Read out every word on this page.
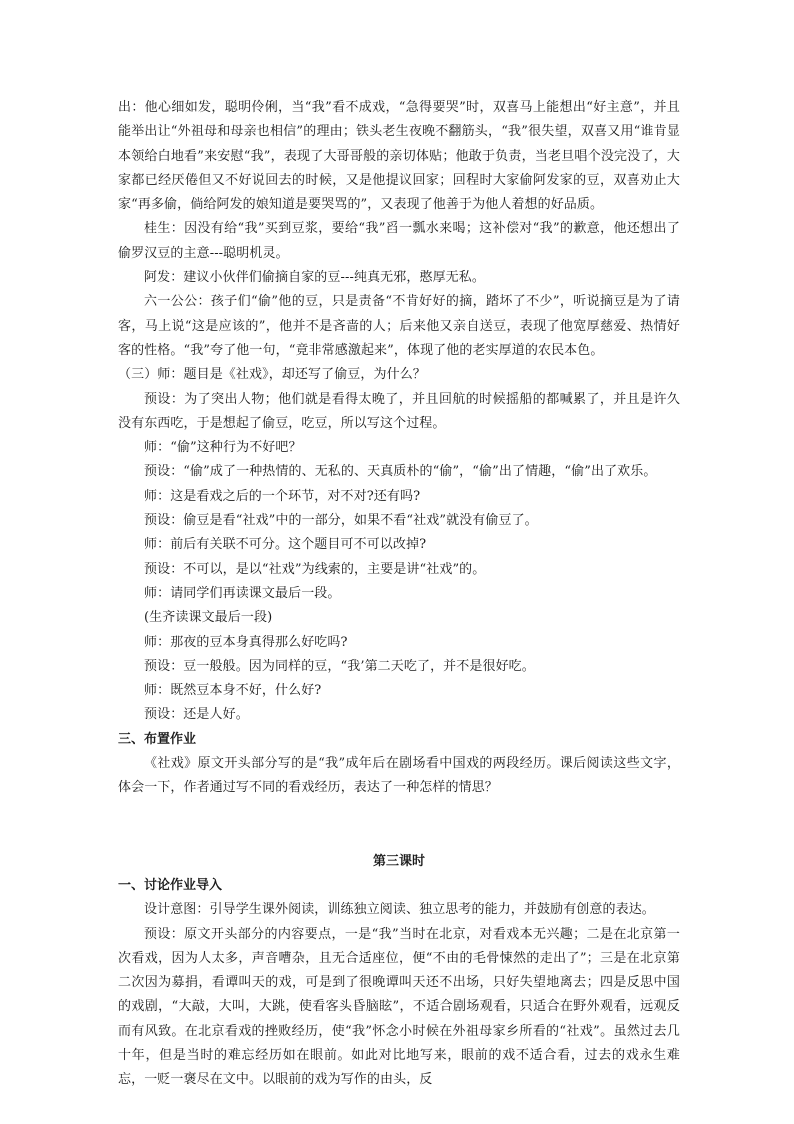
出：他心细如发，聪明伶俐，当“我”看不成戏，“急得要哭”时，双喜马上能想出“好主意”，并且能举出让“外祖母和母亲也相信”的理由；铁头老生夜晚不翻筋头，“我”很失望，双喜又用“谁肯显本领给白地看”来安慰“我”，表现了大哥哥般的亲切体贴；他敢于负责，当老旦唱个没完没了，大家都已经厌倦但又不好说回去的时候，又是他提议回家；回程时大家偷阿发家的豆，双喜劝止大家“再多偷，倘给阿发的娘知道是要哭骂的”，又表现了他善于为他人着想的好品质。

桂生：因没有给“我”买到豆浆，要给“我”舀一瓢水来喝；这补偿对“我”的歉意，他还想出了偷罗汉豆的主意---聪明机灵。

阿发：建议小伙伴们偷摘自家的豆---纯真无邪，憨厚无私。

六一公公：孩子们“偷”他的豆，只是责备“不肯好好的摘，踏坏了不少”，听说摘豆是为了请客，马上说“这是应该的”，他并不是吝啬的人；后来他又亲自送豆，表现了他宽厚慈爱、热情好客的性格。“我”夸了他一句，“竟非常感激起来”，体现了他的老实厚道的农民本色。

（三）师：题目是《社戏》，却还写了偷豆，为什么？

预设：为了突出人物；他们就是看得太晚了，并且回航的时候摇船的都喊累了，并且是许久没有东西吃，于是想起了偷豆，吃豆，所以写这个过程。

师：“偷”这种行为不好吧？

预设：“偷”成了一种热情的、无私的、天真质朴的“偷”，“偷”出了情趣，“偷”出了欢乐。

师：这是看戏之后的一个环节，对不对?还有吗?

预设：偷豆是看“社戏”中的一部分，如果不看“社戏”就没有偷豆了。

师：前后有关联不可分。这个题目可不可以改掉?

预设：不可以，是以“社戏”为线索的，主要是讲“社戏”的。

师：请同学们再读课文最后一段。

(生齐读课文最后一段)

师：那夜的豆本身真得那么好吃吗?

预设：豆一般般。因为同样的豆，“我’第二天吃了，并不是很好吃。

师：既然豆本身不好，什么好?

预设：还是人好。

三、布置作业

《社戏》原文开头部分写的是“我”成年后在剧场看中国戏的两段经历。课后阅读这些文字，体会一下，作者通过写不同的看戏经历，表达了一种怎样的情思？

第三课时

一、讨论作业导入

设计意图：引导学生课外阅读，训练独立阅读、独立思考的能力，并鼓励有创意的表达。

预设：原文开头部分的内容要点，一是“我”当时在北京，对看戏本无兴趣；二是在北京第一次看戏，因为人太多，声音嘈杂，且无合适座位，便“不由的毛骨悚然的走出了”；三是在北京第二次因为募捐，看谭叫天的戏，可是到了很晚谭叫天还不出场，只好失望地离去；四是反思中国的戏剧，“大敲，大叫，大跳，使看客头昏脑眩”，不适合剧场观看，只适合在野外观看，远观反而有风致。在北京看戏的挫败经历，使“我”怀念小时候在外祖母家乡所看的“社戏”。虽然过去几十年，但是当时的难忘经历如在眼前。如此对比地写来，眼前的戏不适合看，过去的戏永生难忘，一贬一褒尽在文中。以眼前的戏为写作的由头，反
